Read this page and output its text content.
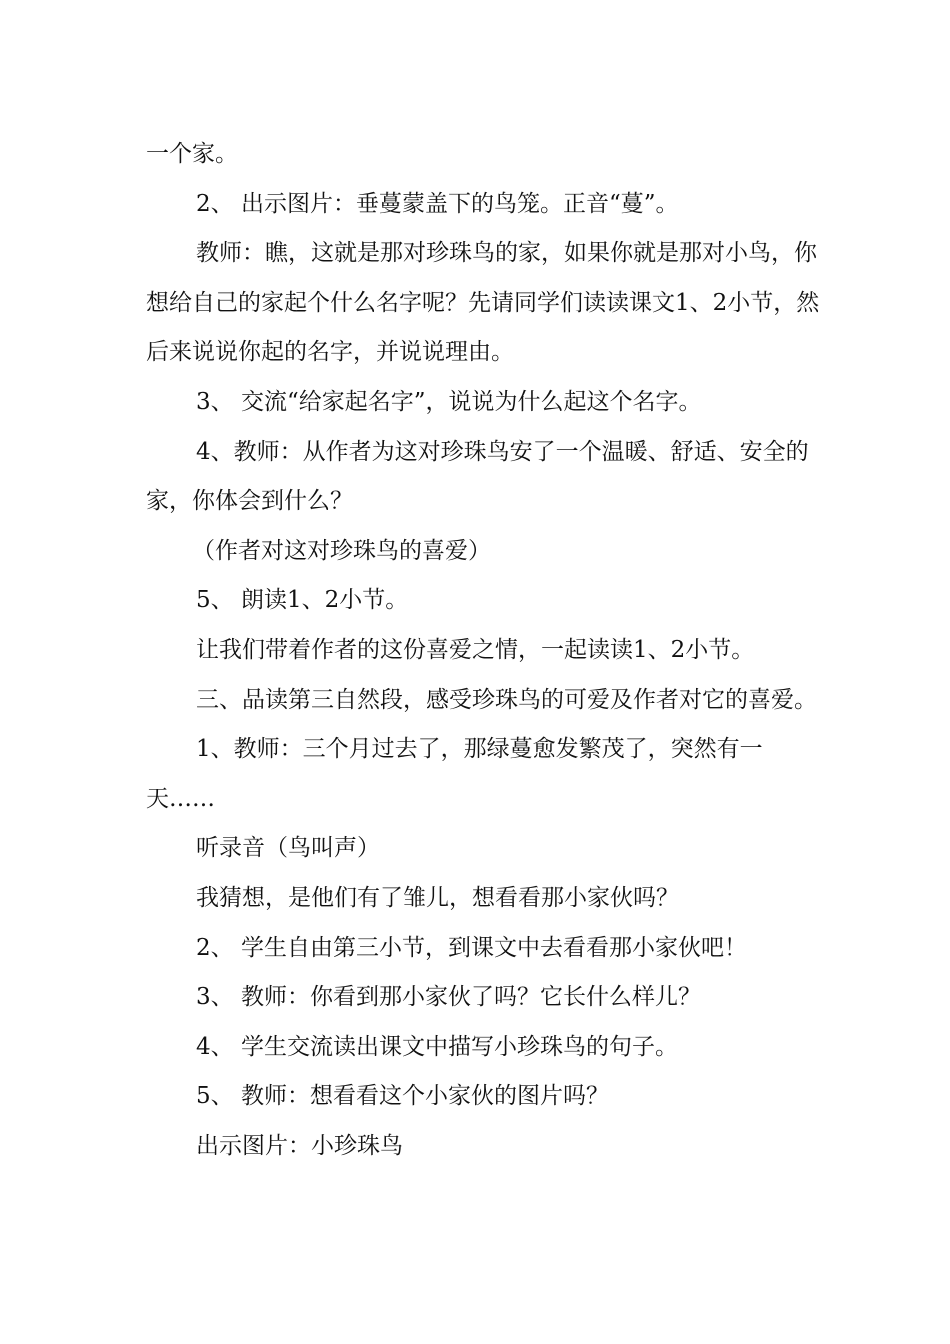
一个家。

2、 出示图片：垂蔓蒙盖下的鸟笼。正音“蔓”。

教师：瞧，这就是那对珍珠鸟的家，如果你就是那对小鸟，你想给自己的家起个什么名字呢？先请同学们读读课文1、2小节，然后来说说你起的名字，并说说理由。

3、 交流“给家起名字”，说说为什么起这个名字。

4、教师：从作者为这对珍珠鸟安了一个温暖、舒适、安全的家，你体会到什么？

（作者对这对珍珠鸟的喜爱）

5、 朗读1、2小节。

让我们带着作者的这份喜爱之情，一起读读1、2小节。

三、品读第三自然段，感受珍珠鸟的可爱及作者对它的喜爱。

1、教师：三个月过去了，那绿蔓愈发繁茂了，突然有一天……

听录音（鸟叫声）

我猜想，是他们有了雏儿，想看看那小家伙吗？

2、 学生自由第三小节，到课文中去看看那小家伙吧！

3、 教师：你看到那小家伙了吗？它长什么样儿？

4、 学生交流读出课文中描写小珍珠鸟的句子。

5、 教师：想看看这个小家伙的图片吗？

出示图片：小珍珠鸟
